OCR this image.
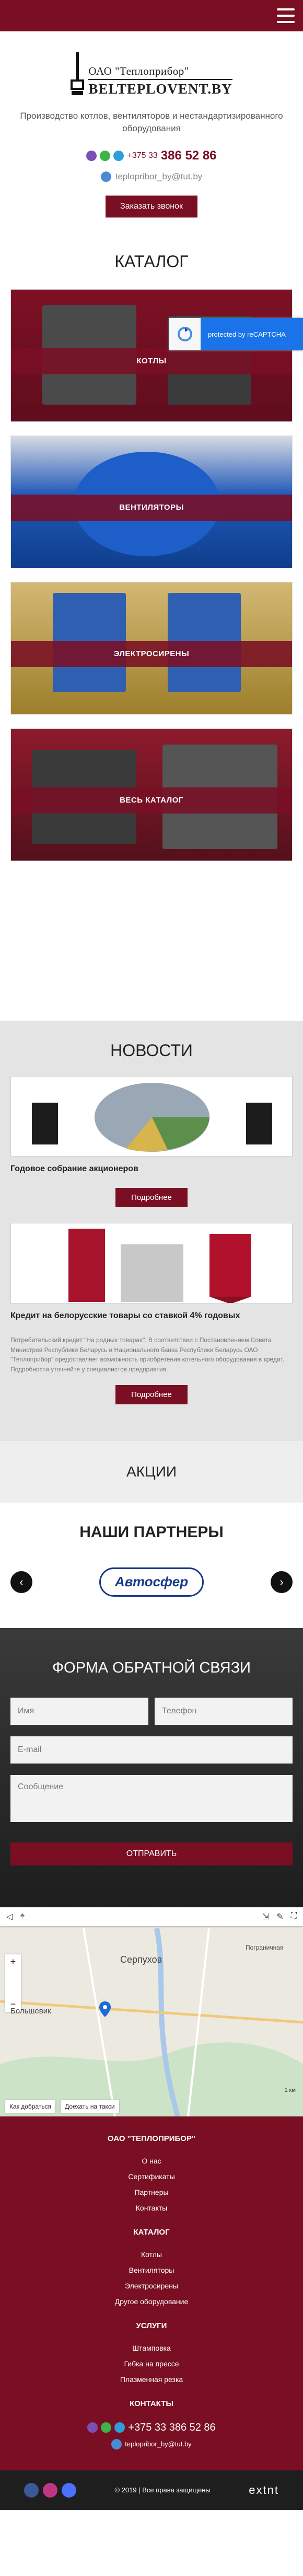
ОАО "Теплоприбор"
BELTEPLOVENT.BY

Производство котлов, вентиляторов и нестандартизированного оборудования

+375 33 386 52 86
teplopribor_by@tut.by
Заказать звонок
КАТАЛОГ
КОТЛЫ
ВЕНТИЛЯТОРЫ
ЭЛЕКТРОСИРЕНЫ
ВЕСЬ КАТАЛОГ
protected by reCAPTCHA
НОВОСТИ
Годовое собрание акционеров
Подробнее
Кредит на белорусские товары со ставкой 4% годовых

Потребительский кредит "На родных товарах". В соответствии с Постановлением Совета Министров Республики Беларусь и Национального банка Республики Беларусь ОАО "Теплоприбор" предоставляет возможность приобретения котельного оборудования в кредит. Подробности уточняйте у специалистов предприятия.

Подробнее
АКЦИИ
НАШИ ПАРТНЕРЫ
‹	Автосфер	›
ФОРМА ОБРАТНОЙ СВЯЗИ
Имя
Телефон
E-mail Сообщение ОТПРАВИТЬ
◁ ⌖	⇲ ✎ ⛶
+
−
Серпухов
Большевик
Пограничная
1 км
Как добраться	Доехать на такси
ОАО "ТЕПЛОПРИБОР"
О нас
Сертификаты
Партнеры
Контакты
КАТАЛОГ
Котлы
Вентиляторы
Электросирены
Другое оборудование
УСЛУГИ
Штамповка
Гибка на прессе
Плазменная резка
КОНТАКТЫ
+375 33 386 52 86
teplopribor_by@tut.by
© 2019 | Все права защищены	extnt
